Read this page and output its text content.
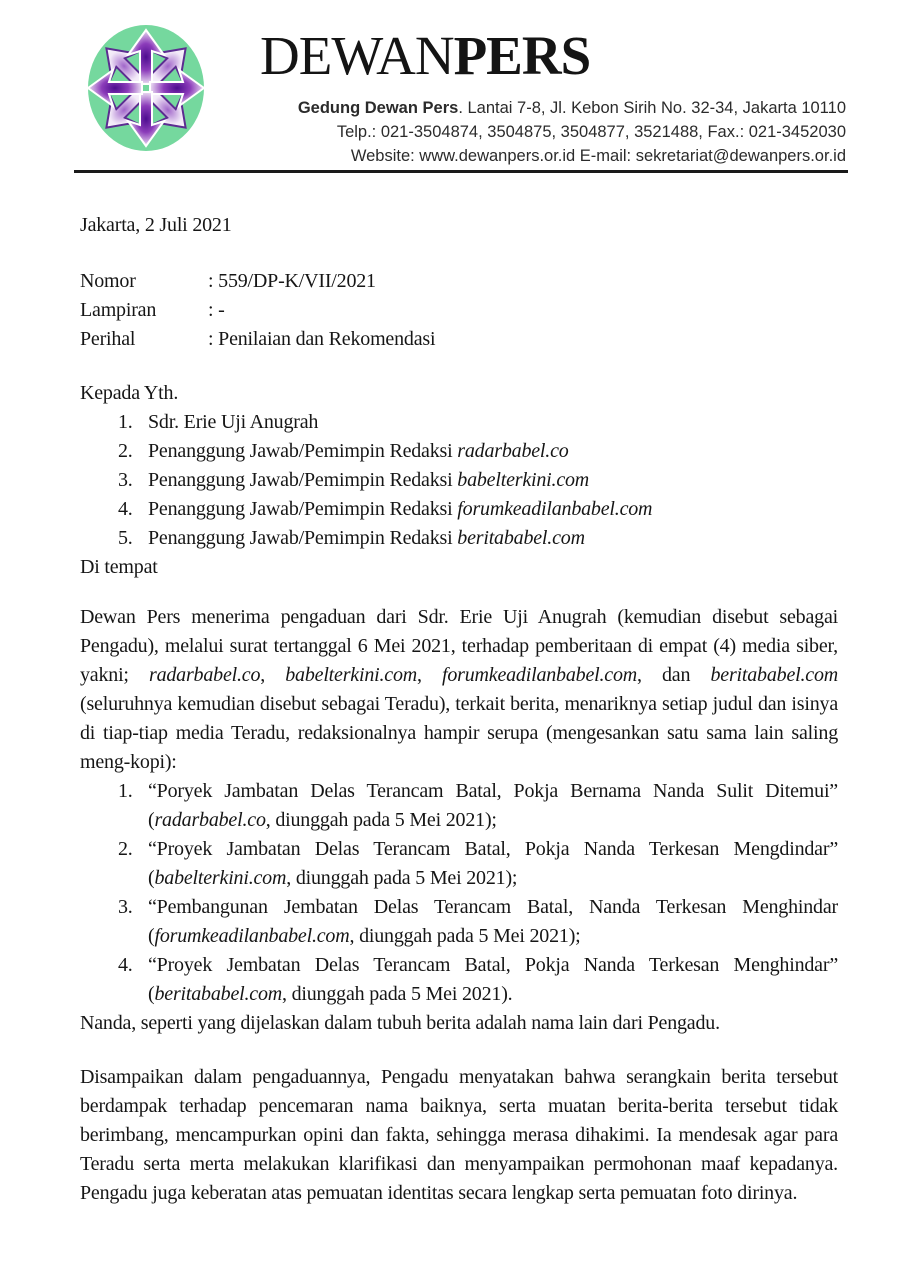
DEWANPERS
Gedung Dewan Pers. Lantai 7-8, Jl. Kebon Sirih No. 32-34, Jakarta 10110
Telp.: 021-3504874, 3504875, 3504877, 3521488, Fax.: 021-3452030
Website: www.dewanpers.or.id E-mail: sekretariat@dewanpers.or.id
Jakarta, 2 Juli 2021
Nomor	: 559/DP-K/VII/2021
Lampiran	: -
Perihal	: Penilaian dan Rekomendasi
Kepada Yth.
1. Sdr. Erie Uji Anugrah
2. Penanggung Jawab/Pemimpin Redaksi radarbabel.co
3. Penanggung Jawab/Pemimpin Redaksi babelterkini.com
4. Penanggung Jawab/Pemimpin Redaksi forumkeadilanbabel.com
5. Penanggung Jawab/Pemimpin Redaksi beritababel.com
Di tempat
Dewan Pers menerima pengaduan dari Sdr. Erie Uji Anugrah (kemudian disebut sebagai Pengadu), melalui surat tertanggal 6 Mei 2021, terhadap pemberitaan di empat (4) media siber, yakni; radarbabel.co, babelterkini.com, forumkeadilanbabel.com, dan beritababel.com (seluruhnya kemudian disebut sebagai Teradu), terkait berita, menariknya setiap judul dan isinya di tiap-tiap media Teradu, redaksionalnya hampir serupa (mengesankan satu sama lain saling meng-kopi):
1. “Poryek Jambatan Delas Terancam Batal, Pokja Bernama Nanda Sulit Ditemui” (radarbabel.co, diunggah pada 5 Mei 2021);
2. “Proyek Jambatan Delas Terancam Batal, Pokja Nanda Terkesan Mengdindar” (babelterkini.com, diunggah pada 5 Mei 2021);
3. “Pembangunan Jembatan Delas Terancam Batal, Nanda Terkesan Menghindar (forumkeadilanbabel.com, diunggah pada 5 Mei 2021);
4. “Proyek Jembatan Delas Terancam Batal, Pokja Nanda Terkesan Menghindar” (beritababel.com, diunggah pada 5 Mei 2021).
Nanda, seperti yang dijelaskan dalam tubuh berita adalah nama lain dari Pengadu.
Disampaikan dalam pengaduannya, Pengadu menyatakan bahwa serangkain berita tersebut berdampak terhadap pencemaran nama baiknya, serta muatan berita-berita tersebut tidak berimbang, mencampurkan opini dan fakta, sehingga merasa dihakimi. Ia mendesak agar para Teradu serta merta melakukan klarifikasi dan menyampaikan permohonan maaf kepadanya. Pengadu juga keberatan atas pemuatan identitas secara lengkap serta pemuatan foto dirinya.
